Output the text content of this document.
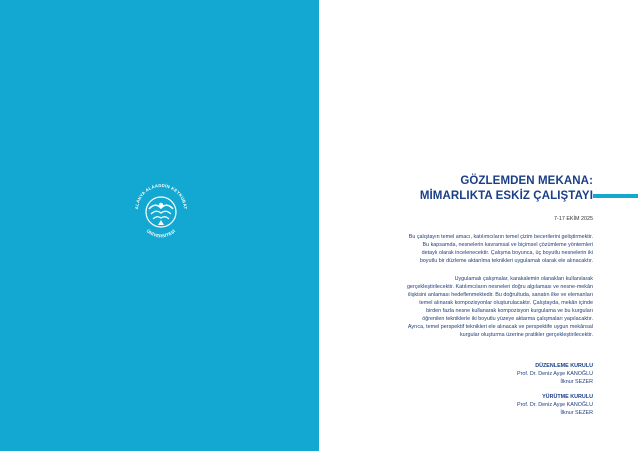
ALANYA ALAADDİN KEYKUBAT
ÜNİVERSİTESİ
GÖZLEMDEN MEKANA:
MİMARLIKTA ESKİZ ÇALIŞTAYI
7-17 EKİM 2025
Bu çalıştayın temel amacı, katılımcıların temel çizim becerilerini geliştirmektir.
Bu kapsamda, nesnelerin kavramsal ve biçimsel çözümleme yöntemleri
detaylı olarak incelenecektir. Çalışma boyunca, üç boyutlu nesnelerin iki
boyutlu bir düzleme aktarılma teknikleri uygulamalı olarak ele alınacaktır.
Uygulamalı çalışmalar, karakalemin olanakları kullanılarak
gerçekleştirilecektir. Katılımcıların nesneleri doğru algılaması ve nesne-mekân
ilişkisini anlaması hedeflenmektedir. Bu doğrultuda, sanatın ilke ve elemanları
temel alınarak kompozisyonlar oluşturulacaktır. Çalıştayda, mekân içinde
birden fazla nesne kullanarak kompozisyon kurgulama ve bu kurguları
öğrenilen tekniklerle iki boyutlu yüzeye aktarma çalışmaları yapılacaktır.
Ayrıca, temel perspektif teknikleri ele alınacak ve perspektife uygun mekânsal
kurgular oluşturma üzerine pratikler gerçekleştirilecektir.
DÜZENLEME KURULU
Prof. Dr. Deniz Ayşe KANOĞLU
İlknur SEZER
YÜRÜTME KURULU
Prof. Dr. Deniz Ayşe KANOĞLU
İlknur SEZER
